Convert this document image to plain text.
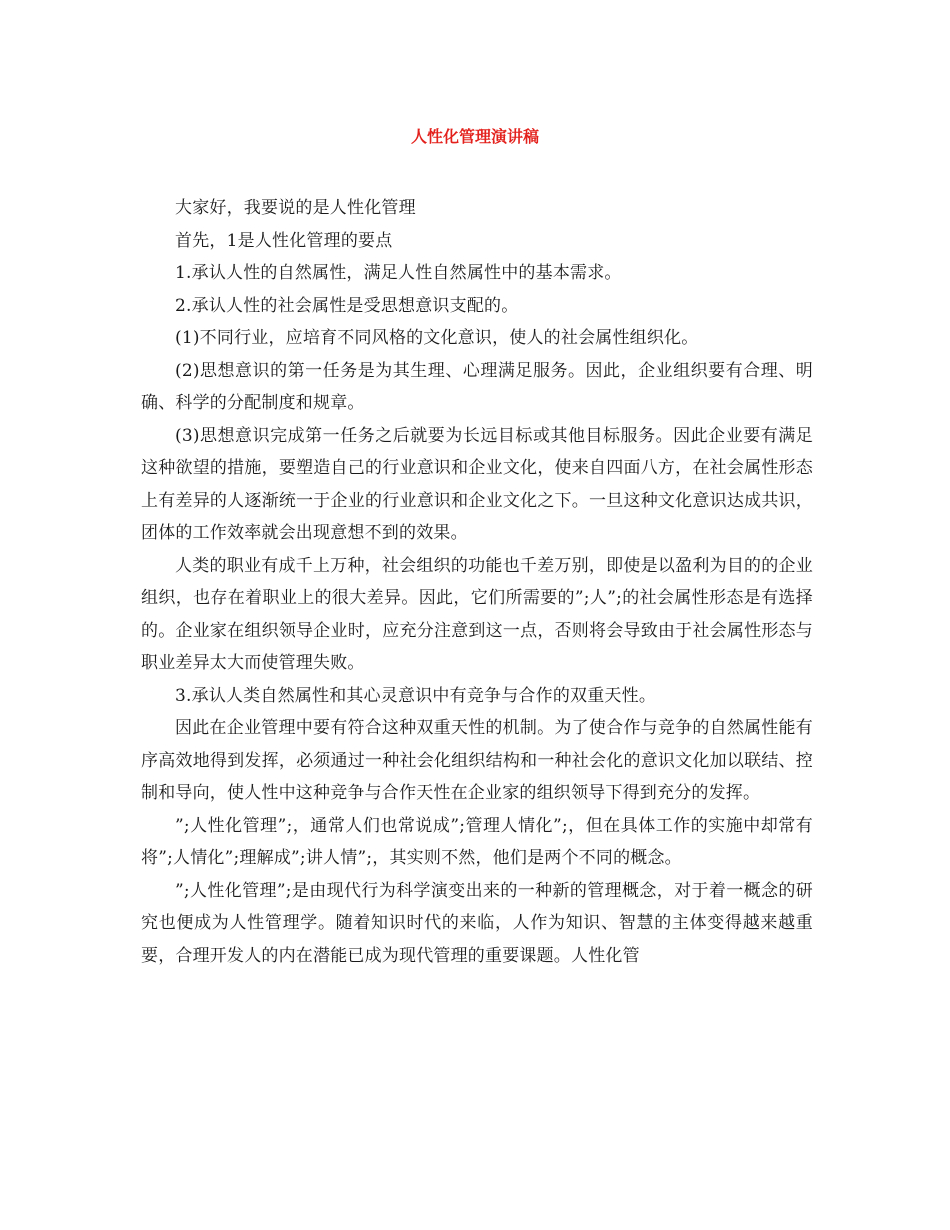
人性化管理演讲稿

大家好，我要说的是人性化管理

首先，1是人性化管理的要点

1.承认人性的自然属性，满足人性自然属性中的基本需求。

2.承认人性的社会属性是受思想意识支配的。

(1)不同行业，应培育不同风格的文化意识，使人的社会属性组织化。

(2)思想意识的第一任务是为其生理、心理满足服务。因此，企业组织要有合理、明确、科学的分配制度和规章。

(3)思想意识完成第一任务之后就要为长远目标或其他目标服务。因此企业要有满足这种欲望的措施，要塑造自己的行业意识和企业文化，使来自四面八方，在社会属性形态上有差异的人逐渐统一于企业的行业意识和企业文化之下。一旦这种文化意识达成共识，团体的工作效率就会出现意想不到的效果。

人类的职业有成千上万种，社会组织的功能也千差万别，即使是以盈利为目的的企业组织，也存在着职业上的很大差异。因此，它们所需要的”;人”;的社会属性形态是有选择的。企业家在组织领导企业时，应充分注意到这一点，否则将会导致由于社会属性形态与职业差异太大而使管理失败。

3.承认人类自然属性和其心灵意识中有竞争与合作的双重天性。

因此在企业管理中要有符合这种双重天性的机制。为了使合作与竞争的自然属性能有序高效地得到发挥，必须通过一种社会化组织结构和一种社会化的意识文化加以联结、控制和导向，使人性中这种竞争与合作天性在企业家的组织领导下得到充分的发挥。

”;人性化管理”;，通常人们也常说成”;管理人情化”;，但在具体工作的实施中却常有将”;人情化”;理解成”;讲人情”;，其实则不然，他们是两个不同的概念。

”;人性化管理”;是由现代行为科学演变出来的一种新的管理概念，对于着一概念的研究也便成为人性管理学。随着知识时代的来临，人作为知识、智慧的主体变得越来越重要，合理开发人的内在潜能已成为现代管理的重要课题。人性化管
